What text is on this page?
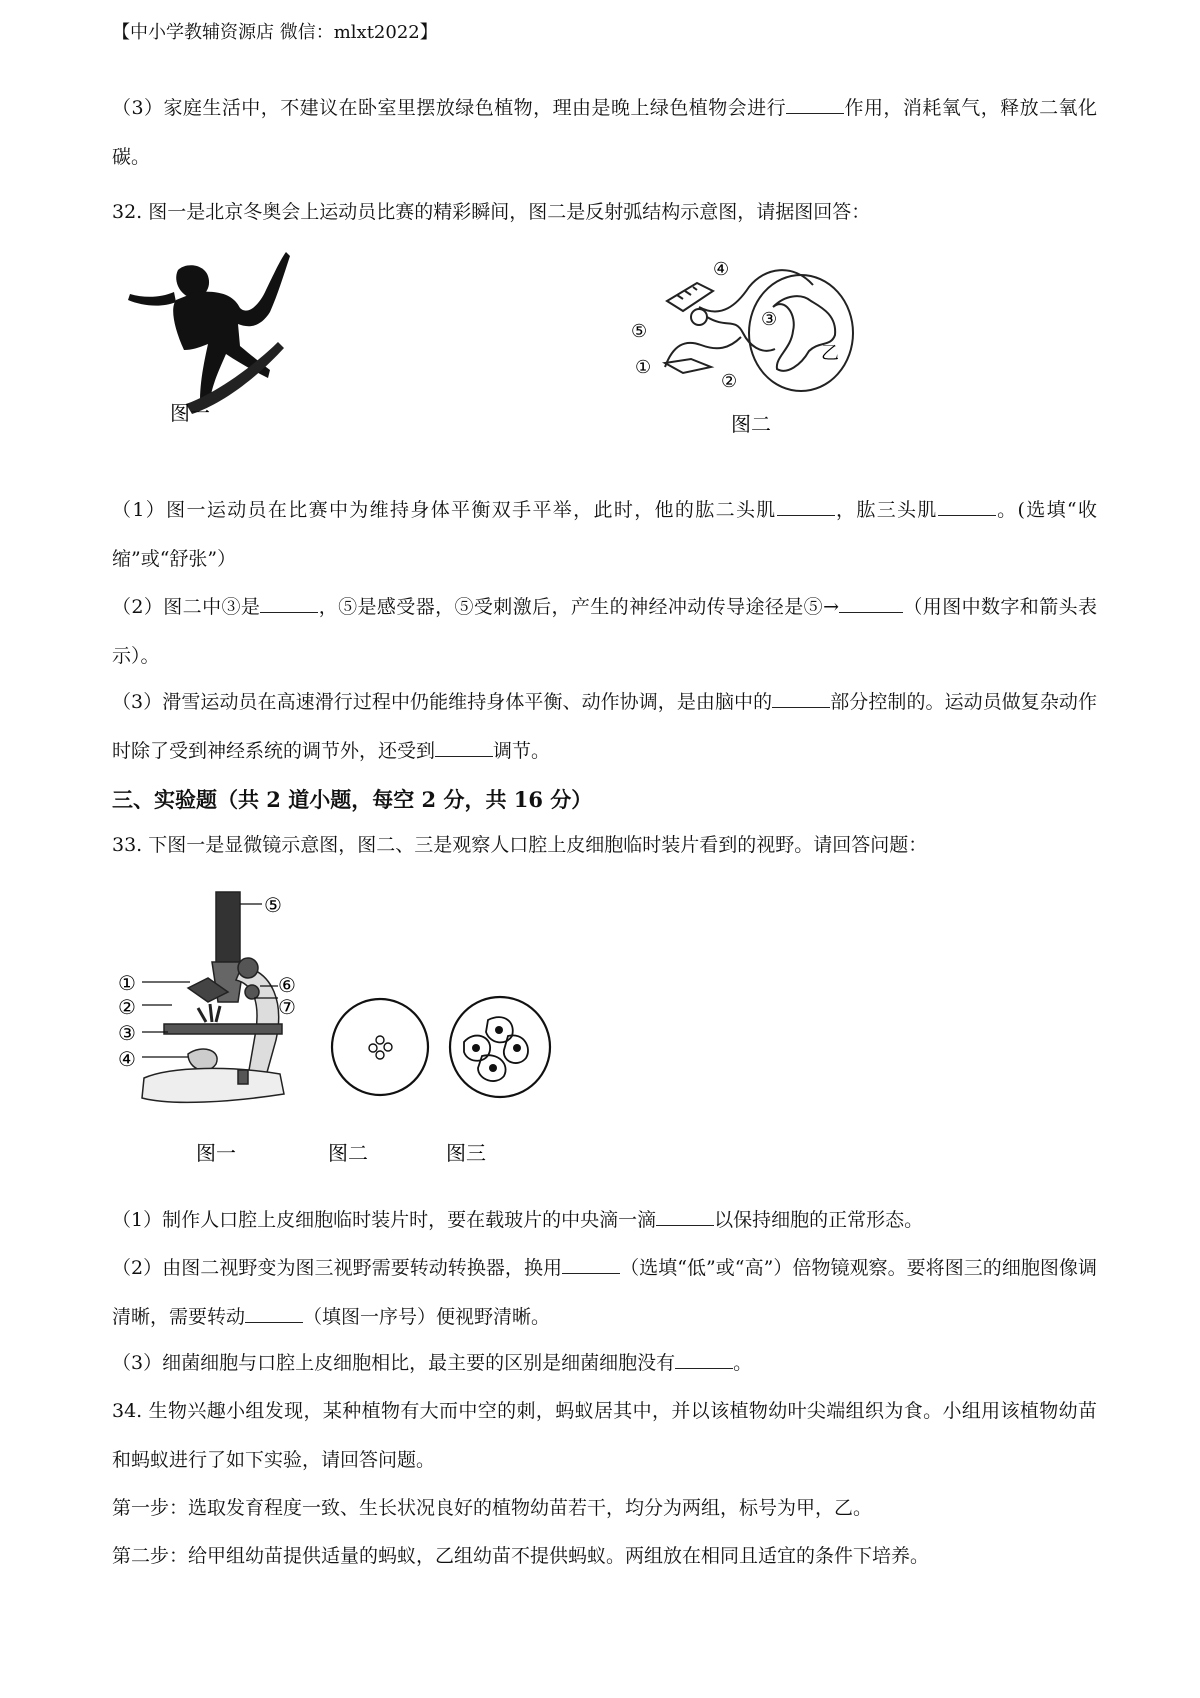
【中小学教辅资源店 微信：mlxt2022】
（3）家庭生活中，不建议在卧室里摆放绿色植物，理由是晚上绿色植物会进行	作用，消耗氧气，释放二氧化碳。
32. 图一是北京冬奥会上运动员比赛的精彩瞬间，图二是反射弧结构示意图，请据图回答：
图一
⑤
①
④
②
③
乙
图二
（1）图一运动员在比赛中为维持身体平衡双手平举，此时，他的肱二头肌	，肱三头肌	。(选填“收缩”或“舒张”）
（2）图二中③是	，⑤是感受器，⑤受刺激后，产生的神经冲动传导途径是⑤→	（用图中数字和箭头表示）。
（3）滑雪运动员在高速滑行过程中仍能维持身体平衡、动作协调，是由脑中的	部分控制的。运动员做复杂动作时除了受到神经系统的调节外，还受到	调节。
三、实验题（共 2 道小题，每空 2 分，共 16 分）
33. 下图一是显微镜示意图，图二、三是观察人口腔上皮细胞临时装片看到的视野。请回答问题：
⑤
⑥
①
⑦
②
③
④
图一	图二	图三
（1）制作人口腔上皮细胞临时装片时，要在载玻片的中央滴一滴	以保持细胞的正常形态。
（2）由图二视野变为图三视野需要转动转换器，换用	（选填“低”或“高”）倍物镜观察。要将图三的细胞图像调清晰，需要转动	（填图一序号）便视野清晰。
（3）细菌细胞与口腔上皮细胞相比，最主要的区别是细菌细胞没有	。
34. 生物兴趣小组发现，某种植物有大而中空的刺，蚂蚁居其中，并以该植物幼叶尖端组织为食。小组用该植物幼苗和蚂蚁进行了如下实验，请回答问题。
第一步：选取发育程度一致、生长状况良好的植物幼苗若干，均分为两组，标号为甲，乙。
第二步：给甲组幼苗提供适量的蚂蚁，乙组幼苗不提供蚂蚁。两组放在相同且适宜的条件下培养。
